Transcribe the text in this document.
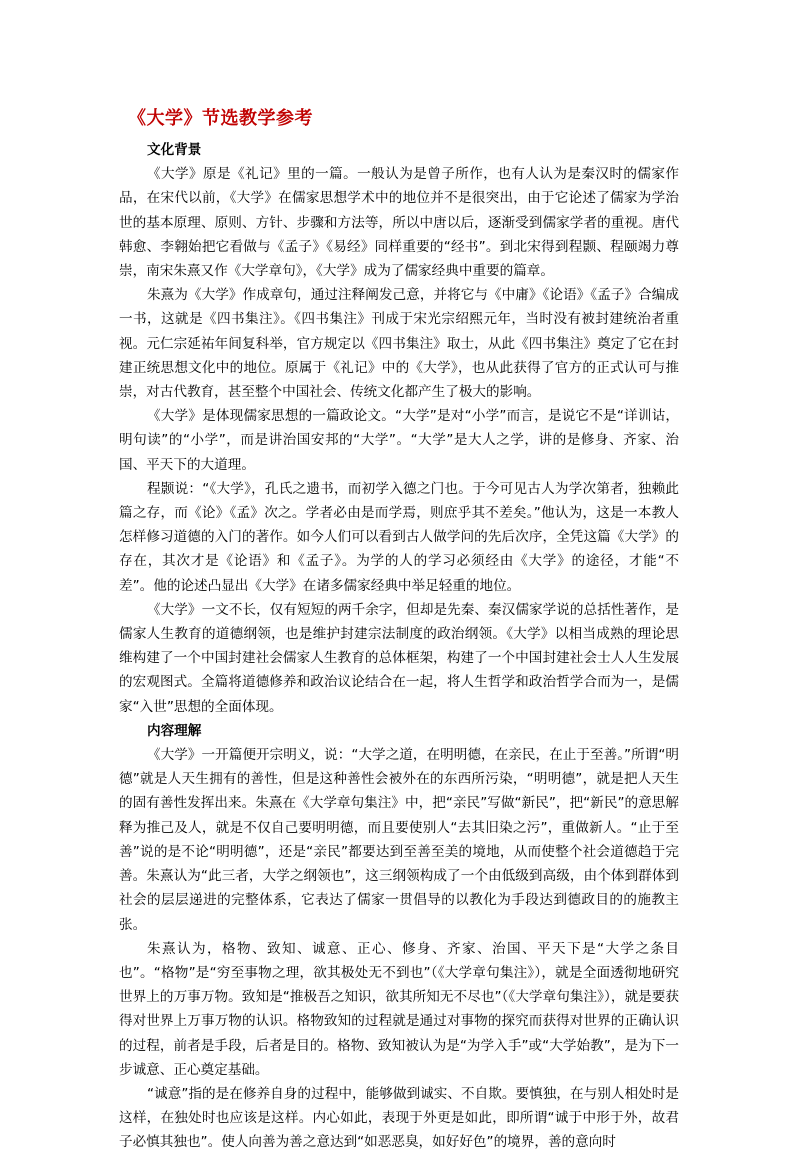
《大学》节选教学参考

文化背景

《大学》原是《礼记》里的一篇。一般认为是曾子所作，也有人认为是秦汉时的儒家作品，在宋代以前，《大学》在儒家思想学术中的地位并不是很突出，由于它论述了儒家为学治世的基本原理、原则、方针、步骤和方法等，所以中唐以后，逐渐受到儒家学者的重视。唐代韩愈、李翱始把它看做与《孟子》《易经》同样重要的“经书”。到北宋得到程颢、程颐竭力尊崇，南宋朱熹又作《大学章句》，《大学》成为了儒家经典中重要的篇章。

朱熹为《大学》作成章句，通过注释阐发己意，并将它与《中庸》《论语》《孟子》合编成一书，这就是《四书集注》。《四书集注》刊成于宋光宗绍熙元年，当时没有被封建统治者重视。元仁宗延祐年间复科举，官方规定以《四书集注》取士，从此《四书集注》奠定了它在封建正统思想文化中的地位。原属于《礼记》中的《大学》，也从此获得了官方的正式认可与推崇，对古代教育，甚至整个中国社会、传统文化都产生了极大的影响。

《大学》是体现儒家思想的一篇政论文。“大学”是对“小学”而言，是说它不是“详训诂，明句读”的“小学”，而是讲治国安邦的“大学”。“大学”是大人之学，讲的是修身、齐家、治国、平天下的大道理。

程颢说：“《大学》，孔氏之遗书，而初学入德之门也。于今可见古人为学次第者，独赖此篇之存，而《论》《孟》次之。学者必由是而学焉，则庶乎其不差矣。”他认为，这是一本教人怎样修习道德的入门的著作。如今人们可以看到古人做学问的先后次序，全凭这篇《大学》的存在，其次才是《论语》和《孟子》。为学的人的学习必须经由《大学》的途径，才能“不差”。他的论述凸显出《大学》在诸多儒家经典中举足轻重的地位。

《大学》一文不长，仅有短短的两千余字，但却是先秦、秦汉儒家学说的总括性著作，是儒家人生教育的道德纲领，也是维护封建宗法制度的政治纲领。《大学》以相当成熟的理论思维构建了一个中国封建社会儒家人生教育的总体框架，构建了一个中国封建社会士人人生发展的宏观图式。全篇将道德修养和政治议论结合在一起，将人生哲学和政治哲学合而为一，是儒家“入世”思想的全面体现。

内容理解

《大学》一开篇便开宗明义，说：“大学之道，在明明德，在亲民，在止于至善。”所谓“明德”就是人天生拥有的善性，但是这种善性会被外在的东西所污染，“明明德”，就是把人天生的固有善性发挥出来。朱熹在《大学章句集注》中，把“亲民”写做“新民”，把“新民”的意思解释为推己及人，就是不仅自己要明明德，而且要使别人“去其旧染之污”，重做新人。“止于至善”说的是不论“明明德”，还是“亲民”都要达到至善至美的境地，从而使整个社会道德趋于完善。朱熹认为“此三者，大学之纲领也”，这三纲领构成了一个由低级到高级，由个体到群体到社会的层层递进的完整体系，它表达了儒家一贯倡导的以教化为手段达到德政目的的施教主张。

朱熹认为，格物、致知、诚意、正心、修身、齐家、治国、平天下是“大学之条目也”。“格物”是“穷至事物之理，欲其极处无不到也”（《大学章句集注》），就是全面透彻地研究世界上的万事万物。致知是“推极吾之知识，欲其所知无不尽也”（《大学章句集注》），就是要获得对世界上万事万物的认识。格物致知的过程就是通过对事物的探究而获得对世界的正确认识的过程，前者是手段，后者是目的。格物、致知被认为是“为学入手”或“大学始教”，是为下一步诚意、正心奠定基础。

“诚意”指的是在修养自身的过程中，能够做到诚实、不自欺。要慎独，在与别人相处时是这样，在独处时也应该是这样。内心如此，表现于外更是如此，即所谓“诚于中形于外，故君子必慎其独也”。使人向善为善之意达到“如恶恶臭，如好好色”的境界，善的意向时
